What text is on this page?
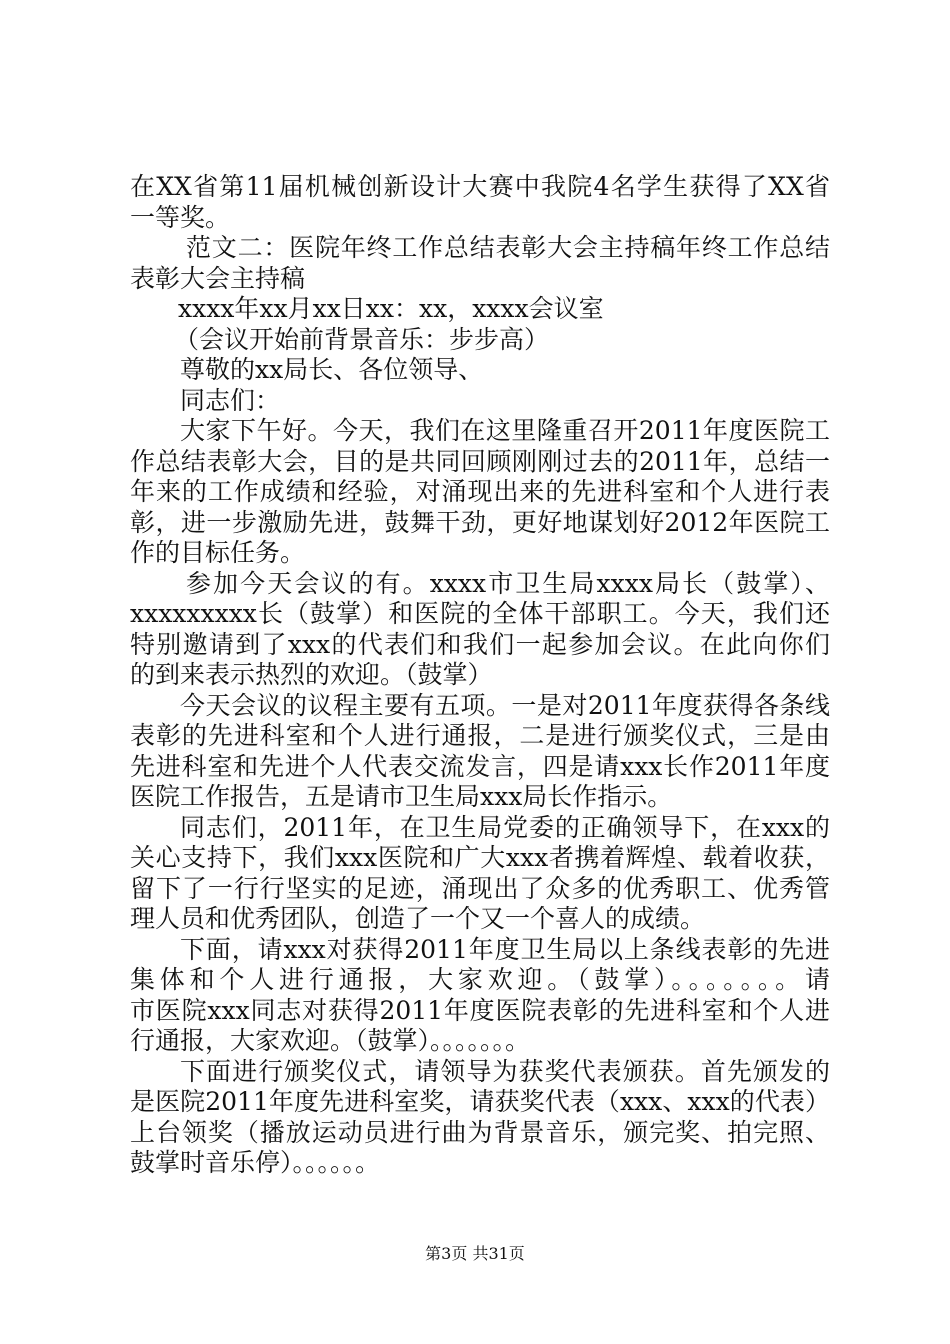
在XX省第11届机械创新设计大赛中我院4名学生获得了XX省
一等奖。
范文二：医院年终工作总结表彰大会主持稿年终工作总结
表彰大会主持稿
xxxx年xx月xx日xx：xx，xxxx会议室
（会议开始前背景音乐：步步高）
尊敬的xx局长、各位领导、
同志们：
大家下午好。今天，我们在这里隆重召开2011年度医院工
作总结表彰大会，目的是共同回顾刚刚过去的2011年，总结一
年来的工作成绩和经验，对涌现出来的先进科室和个人进行表
彰，进一步激励先进，鼓舞干劲，更好地谋划好2012年医院工
作的目标任务。
参加今天会议的有。xxxx市卫生局xxxx局长（鼓掌）、
xxxxxxxxx长（鼓掌）和医院的全体干部职工。今天，我们还
特别邀请到了xxx的代表们和我们一起参加会议。在此向你们
的到来表示热烈的欢迎。（鼓掌）
今天会议的议程主要有五项。一是对2011年度获得各条线
表彰的先进科室和个人进行通报，二是进行颁奖仪式，三是由
先进科室和先进个人代表交流发言，四是请xxx长作2011年度
医院工作报告，五是请市卫生局xxx局长作指示。
同志们，2011年，在卫生局党委的正确领导下，在xxx的
关心支持下，我们xxx医院和广大xxx者携着辉煌、载着收获，
留下了一行行坚实的足迹，涌现出了众多的优秀职工、优秀管
理人员和优秀团队，创造了一个又一个喜人的成绩。
下面，请xxx对获得2011年度卫生局以上条线表彰的先进
集体和个人进行通报，大家欢迎。（鼓掌）。。。。。。。请
市医院xxx同志对获得2011年度医院表彰的先进科室和个人进
行通报，大家欢迎。（鼓掌）。。。。。。。
下面进行颁奖仪式，请领导为获奖代表颁获。首先颁发的
是医院2011年度先进科室奖，请获奖代表（xxx、xxx的代表）
上台领奖（播放运动员进行曲为背景音乐，颁完奖、拍完照、
鼓掌时音乐停）。。。。。。
第3页 共31页
